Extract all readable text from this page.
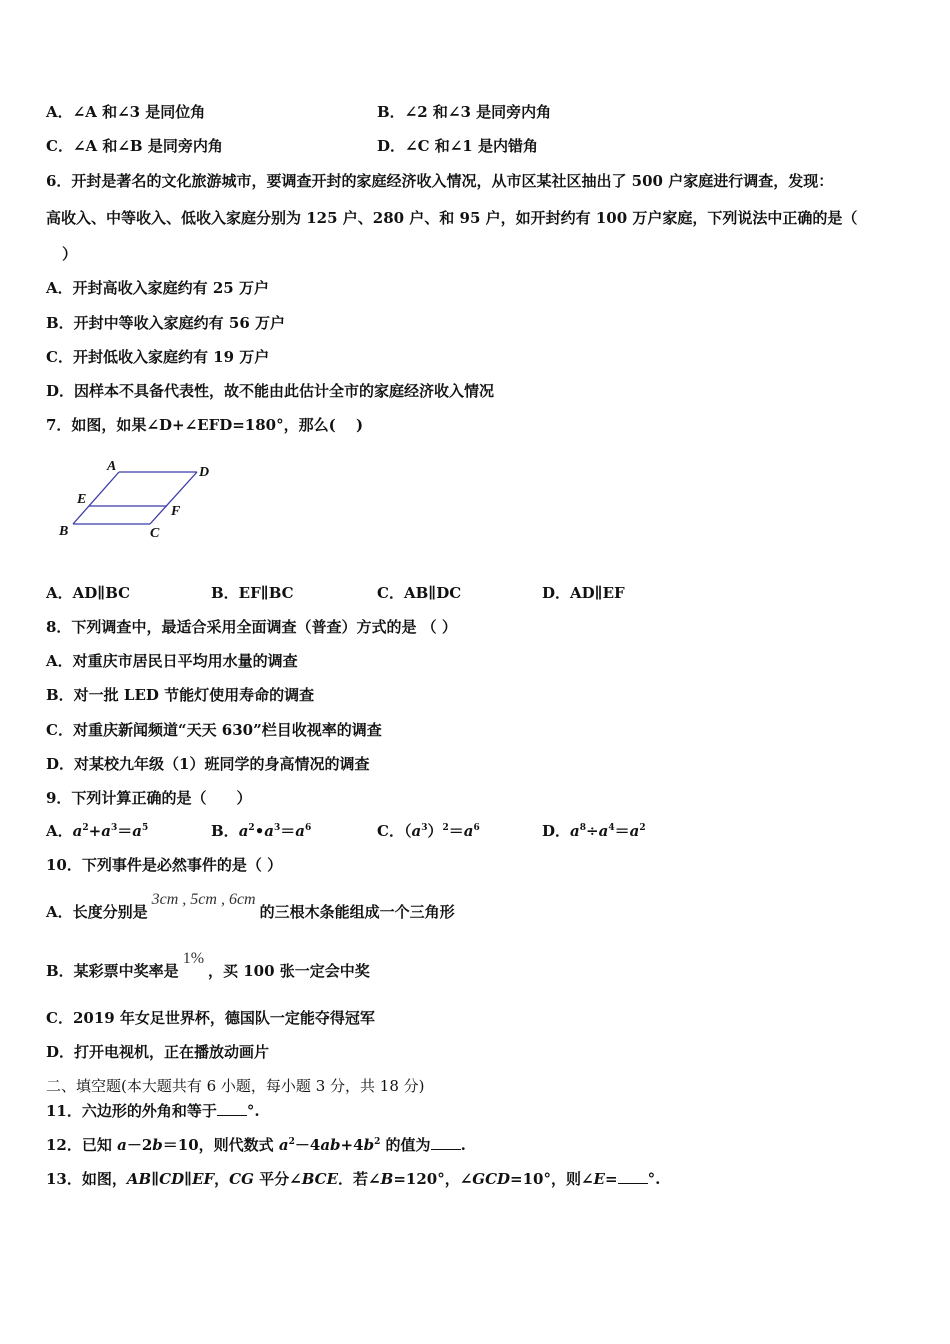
A．∠A 和∠3 是同位角	B．∠2 和∠3 是同旁内角
C．∠A 和∠B 是同旁内角	D．∠C 和∠1 是内错角
6．开封是著名的文化旅游城市，要调查开封的家庭经济收入情况，从市区某社区抽出了 500 户家庭进行调查，发现：
高收入、中等收入、低收入家庭分别为 125 户、280 户、和 95 户，如开封约有 100 万户家庭，下列说法中正确的是（
）
A．开封高收入家庭约有 25 万户
B．开封中等收入家庭约有 56 万户
C．开封低收入家庭约有 19 万户
D．因样本不具备代表性，故不能由此估计全市的家庭经济收入情况
7．如图，如果∠D+∠EFD=180°，那么(　 )
A	D
E
F
B	C
A．AD∥BC	B．EF∥BC	C．AB∥DC	D．AD∥EF
8．下列调查中，最适合采用全面调查（普查）方式的是 （ ）
A．对重庆市居民日平均用水量的调查
B．对一批 LED 节能灯使用寿命的调查
C．对重庆新闻频道“天天 630”栏目收视率的调查
D．对某校九年级（1）班同学的身高情况的调查
9．下列计算正确的是（　　）
A．$a^2+a^3=a^5$	B．$a^2•a^3=a^6$	C．$(a^3)^2=a^6$	D．$a^8\div a^4=a^2$
10．下列事件是必然事件的是（ ）
A．长度分别是3cm , 5cm , 6cm的三根木条能组成一个三角形
B．某彩票中奖率是1%，买 100 张一定会中奖
C．2019 年女足世界杯，德国队一定能夺得冠军
D．打开电视机，正在播放动画片
二、填空题(本大题共有 6 小题，每小题 3 分，共 18 分)
11．六边形的外角和等于 °.
12．已知 a－2b＝10，则代数式 $a^2-4ab+4b^2$ 的值为 .
13．如图，AB∥CD∥EF，CG 平分∠BCE．若∠B=120°，∠GCD=10°，则∠E= °.
